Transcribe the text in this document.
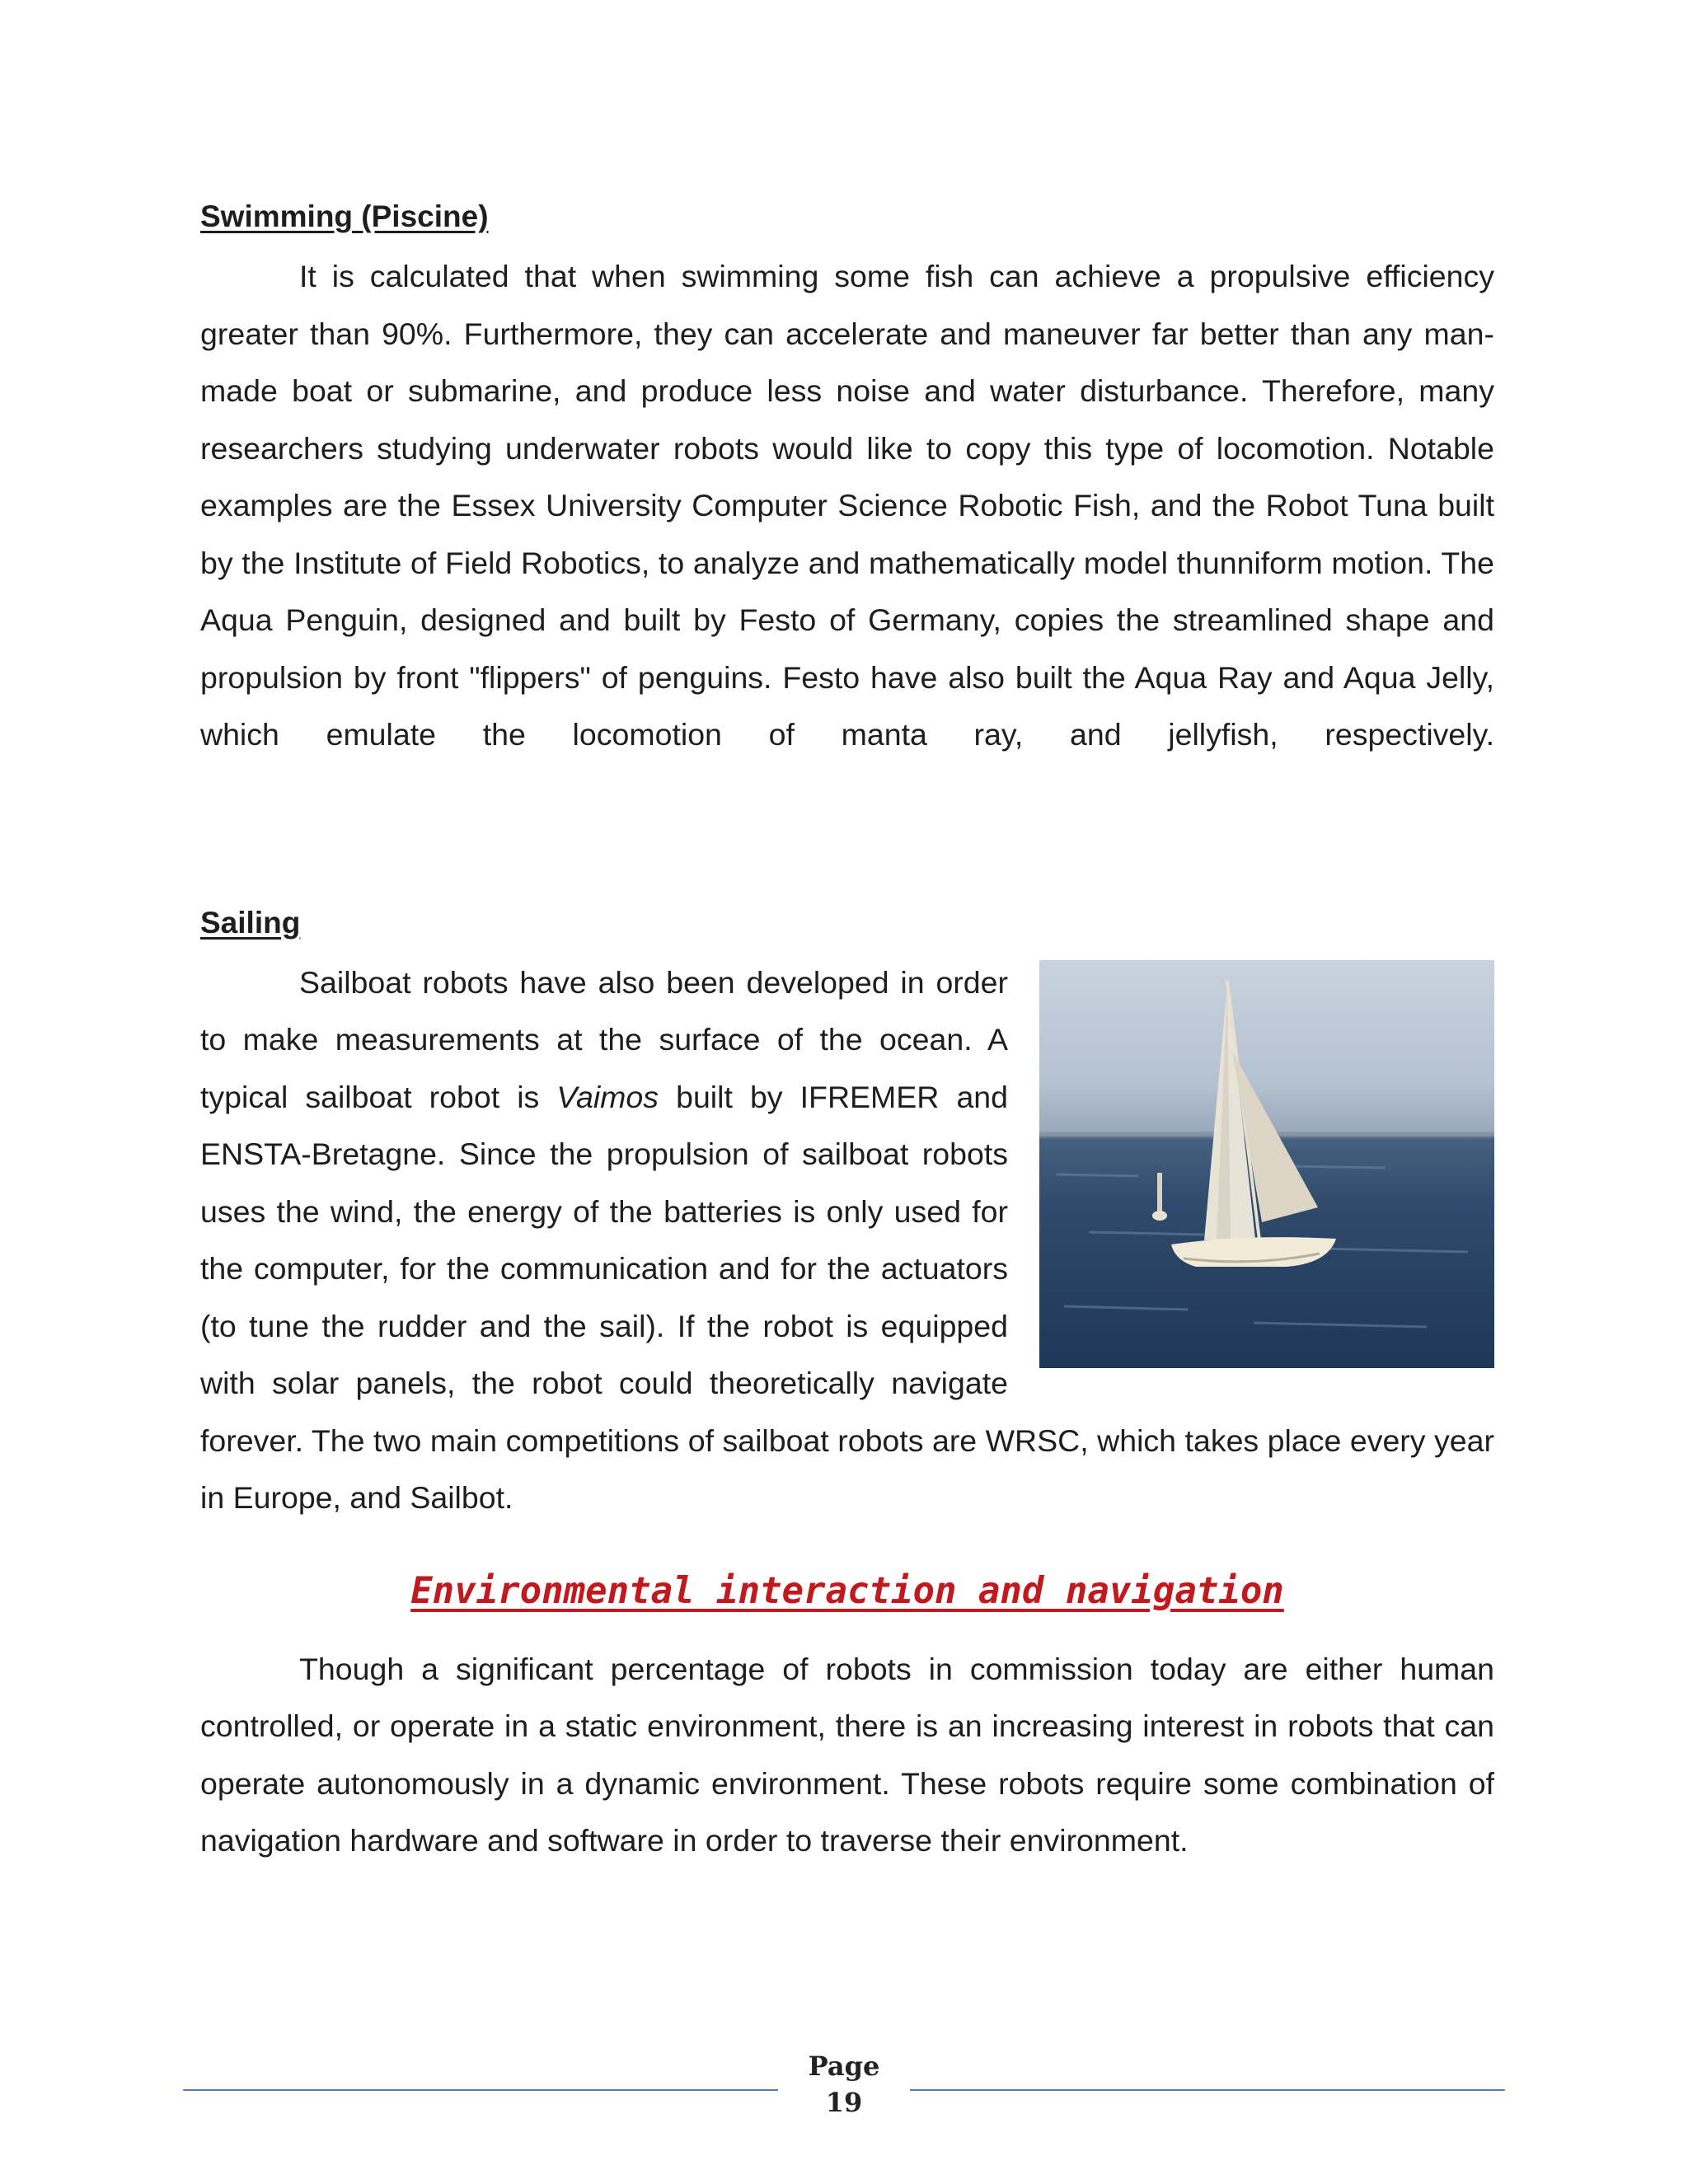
Swimming (Piscine)

It is calculated that when swimming some fish can achieve a propulsive efficiency greater than 90%. Furthermore, they can accelerate and maneuver far better than any man-made boat or submarine, and produce less noise and water disturbance. Therefore, many researchers studying underwater robots would like to copy this type of locomotion. Notable examples are the Essex University Computer Science Robotic Fish, and the Robot Tuna built by the Institute of Field Robotics, to analyze and mathematically model thunniform motion. The Aqua Penguin, designed and built by Festo of Germany, copies the streamlined shape and propulsion by front "flippers" of penguins. Festo have also built the Aqua Ray and Aqua Jelly, which emulate the locomotion of manta ray, and jellyfish, respectively.

Sailing

Sailboat robots have also been developed in order to make measurements at the surface of the ocean. A typical sailboat robot is Vaimos built by IFREMER and ENSTA-Bretagne. Since the propulsion of sailboat robots uses the wind, the energy of the batteries is only used for the computer, for the communication and for the actuators (to tune the rudder and the sail). If the robot is equipped with solar panels, the robot could theoretically navigate forever. The two main competitions of sailboat robots are WRSC, which takes place every year in Europe, and Sailbot.

Environmental interaction and navigation

Though a significant percentage of robots in commission today are either human controlled, or operate in a static environment, there is an increasing interest in robots that can operate autonomously in a dynamic environment. These robots require some combination of navigation hardware and software in order to traverse their environment.

Page
19
